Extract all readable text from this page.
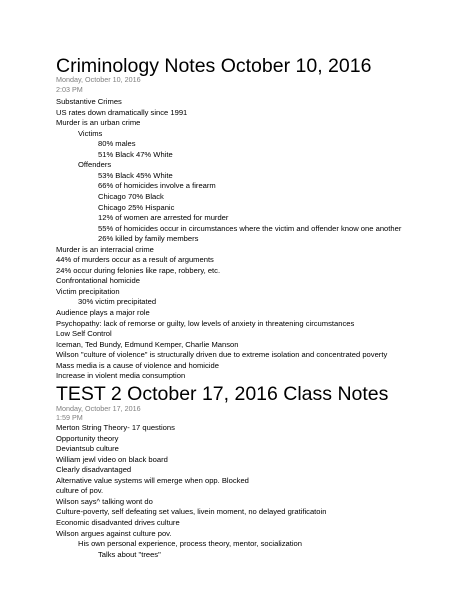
Criminology Notes October 10, 2016
Monday, October 10, 2016
2:03 PM
Substantive Crimes
US rates down dramatically since 1991
Murder is an urban crime
Victims
80% males
51% Black 47% White
Offenders
53% Black 45% White
66% of homicides involve a firearm
Chicago 70% Black
Chicago 25% Hispanic
12% of women are arrested for murder
55% of homicides occur in circumstances where the victim and offender know one another
26% killed by family members
Murder is an interracial crime
44% of murders occur as a result of arguments
24% occur during felonies like rape, robbery, etc.
Confrontational homicide
Victim precipitation
30% victim precipitated
Audience plays a major role
Psychopathy: lack of remorse or guilty, low levels of anxiety in threatening circumstances
Low Self Control
Iceman, Ted Bundy, Edmund Kemper, Charlie Manson
Wilson "culture of violence" is structurally driven due to extreme isolation and concentrated poverty
Mass media is a cause of violence and homicide
Increase in violent media consumption
TEST 2 October 17, 2016 Class Notes
Monday, October 17, 2016
1:59 PM
Merton String Theory- 17 questions
Opportunity theory
Deviantsub culture
William jewl video on black board
Clearly disadvantaged
Alternative value systems will emerge when opp. Blocked
culture of pov.
Wilson says^ talking wont do
Culture-poverty, self defeating set values, livein moment, no delayed gratificatoin
Economic disadvanted drives culture
Wilson argues against culture pov.
His own personal experience, process theory, mentor, socialization
Talks about "trees"
